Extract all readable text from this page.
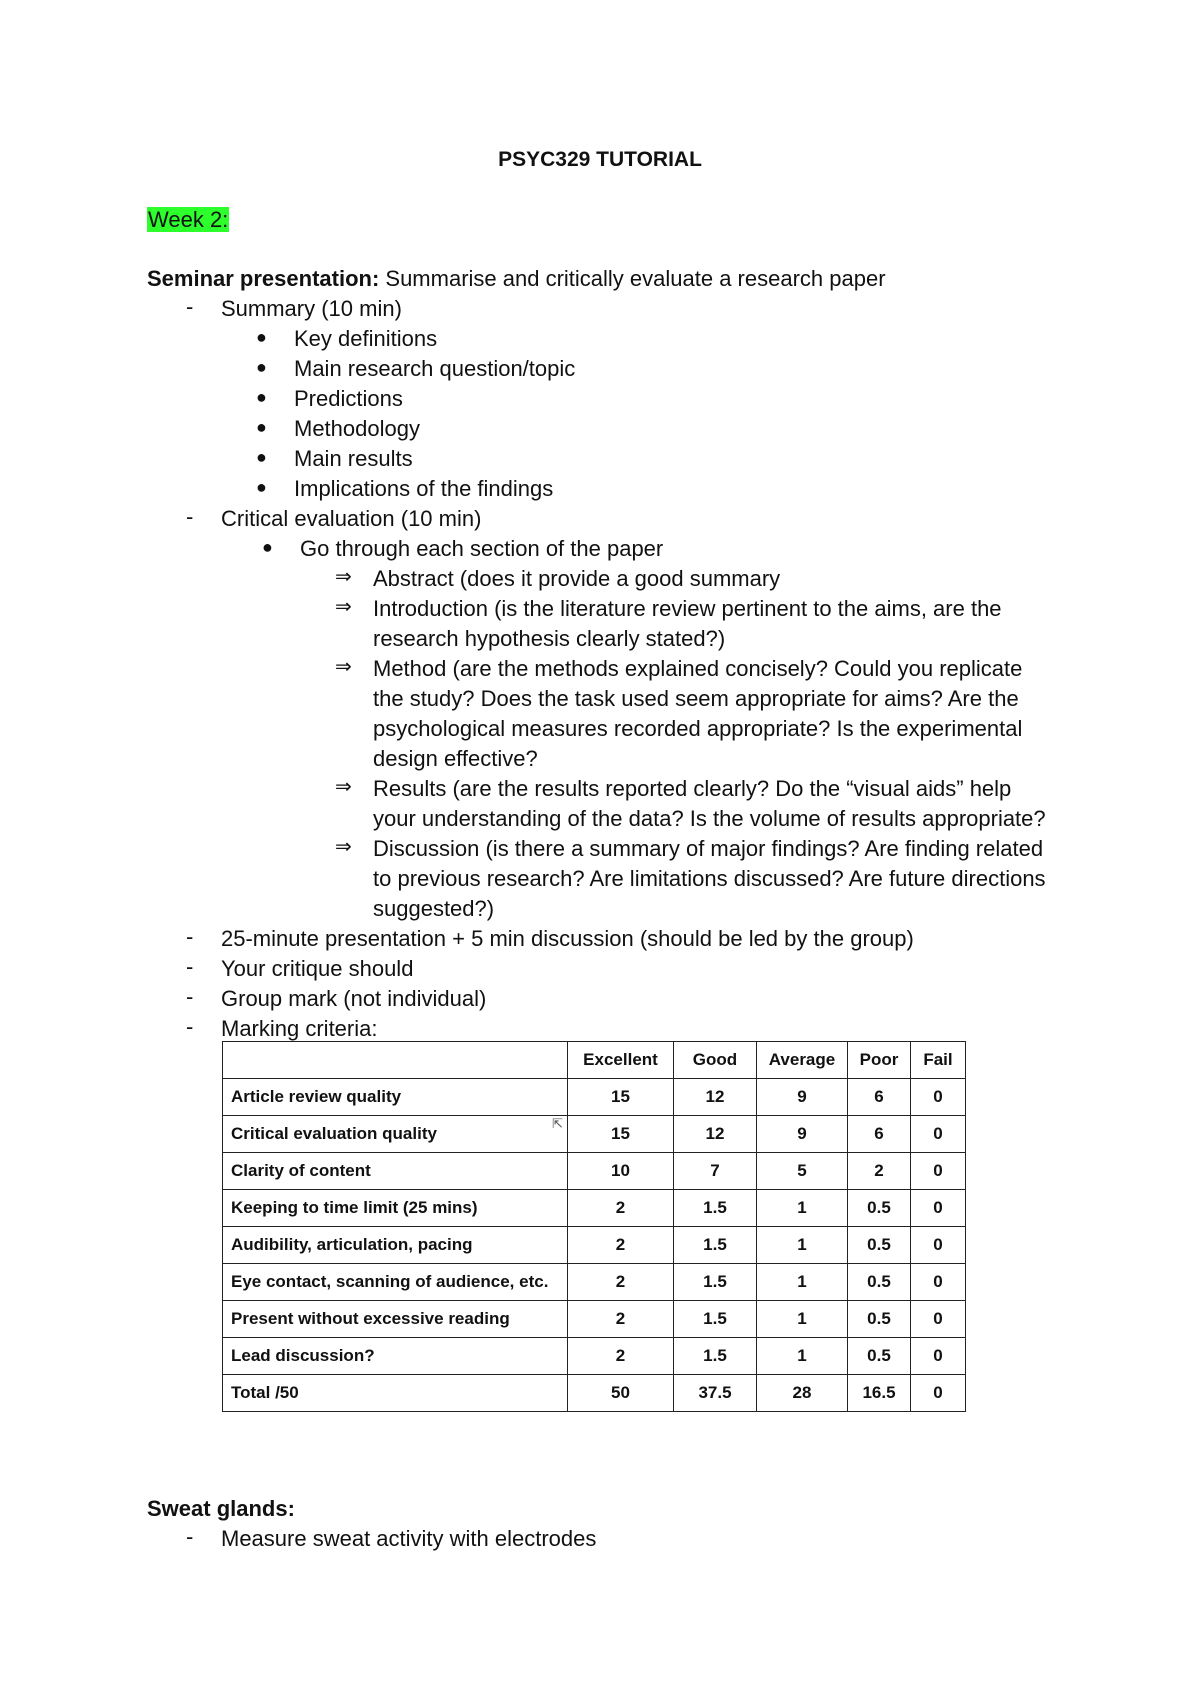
PSYC329 TUTORIAL
Week 2:
Seminar presentation: Summarise and critically evaluate a research paper
- Summary (10 min)
● Key definitions
● Main research question/topic
● Predictions
● Methodology
● Main results
● Implications of the findings
- Critical evaluation (10 min)
● Go through each section of the paper
⇒ Abstract (does it provide a good summary
⇒ Introduction (is the literature review pertinent to the aims, are the
research hypothesis clearly stated?)
⇒ Method (are the methods explained concisely? Could you replicate
the study? Does the task used seem appropriate for aims? Are the
psychological measures recorded appropriate? Is the experimental
design effective?
⇒ Results (are the results reported clearly? Do the “visual aids” help
your understanding of the data? Is the volume of results appropriate?
⇒ Discussion (is there a summary of major findings? Are finding related
to previous research? Are limitations discussed? Are future directions
suggested?)
- 25-minute presentation + 5 min discussion (should be led by the group)
- Your critique should
- Group mark (not individual)
- Marking criteria:
	Excellent	Good	Average	Poor	Fail
Article review quality	15	12	9	6	0
Critical evaluation quality	15	12	9	6	0
Clarity of content	10	7	5	2	0
Keeping to time limit (25 mins)	2	1.5	1	0.5	0
Audibility, articulation, pacing	2	1.5	1	0.5	0
Eye contact, scanning of audience, etc.	2	1.5	1	0.5	0
Present without excessive reading	2	1.5	1	0.5	0
Lead discussion?	2	1.5	1	0.5	0
Total /50	50	37.5	28	16.5	0
⇱
Sweat glands:
- Measure sweat activity with electrodes
